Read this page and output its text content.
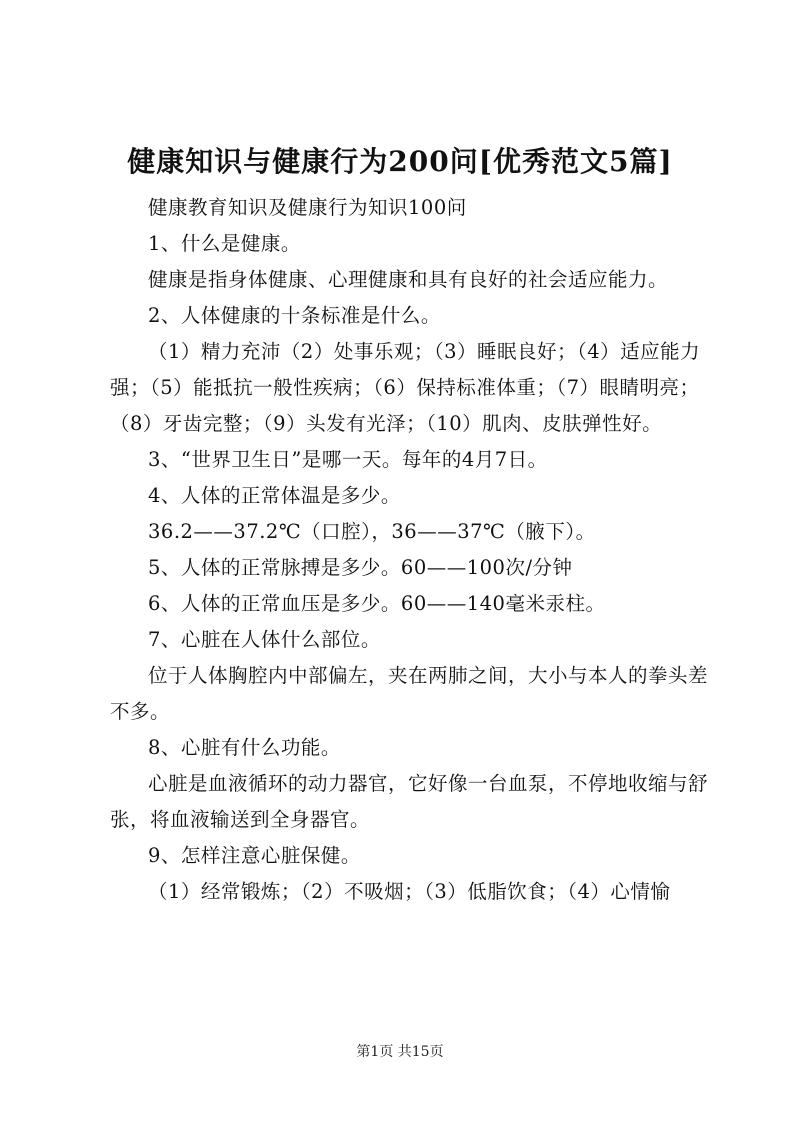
健康知识与健康行为200问[优秀范文5篇]

健康教育知识及健康行为知识100问

1、什么是健康。

健康是指身体健康、心理健康和具有良好的社会适应能力。

2、人体健康的十条标准是什么。

（1）精力充沛（2）处事乐观；（3）睡眠良好；（4）适应能力强；（5）能抵抗一般性疾病；（6）保持标准体重；（7）眼睛明亮；（8）牙齿完整；（9）头发有光泽；（10）肌肉、皮肤弹性好。

3、“世界卫生日”是哪一天。每年的4月7日。

4、人体的正常体温是多少。

36.2——37.2℃（口腔），36——37℃（腋下）。

5、人体的正常脉搏是多少。60——100次/分钟

6、人体的正常血压是多少。60——140毫米汞柱。

7、心脏在人体什么部位。

位于人体胸腔内中部偏左，夹在两肺之间，大小与本人的拳头差不多。

8、心脏有什么功能。

心脏是血液循环的动力器官，它好像一台血泵，不停地收缩与舒张，将血液输送到全身器官。

9、怎样注意心脏保健。

（1）经常锻炼；（2）不吸烟；（3）低脂饮食；（4）心情愉

第1页 共15页
